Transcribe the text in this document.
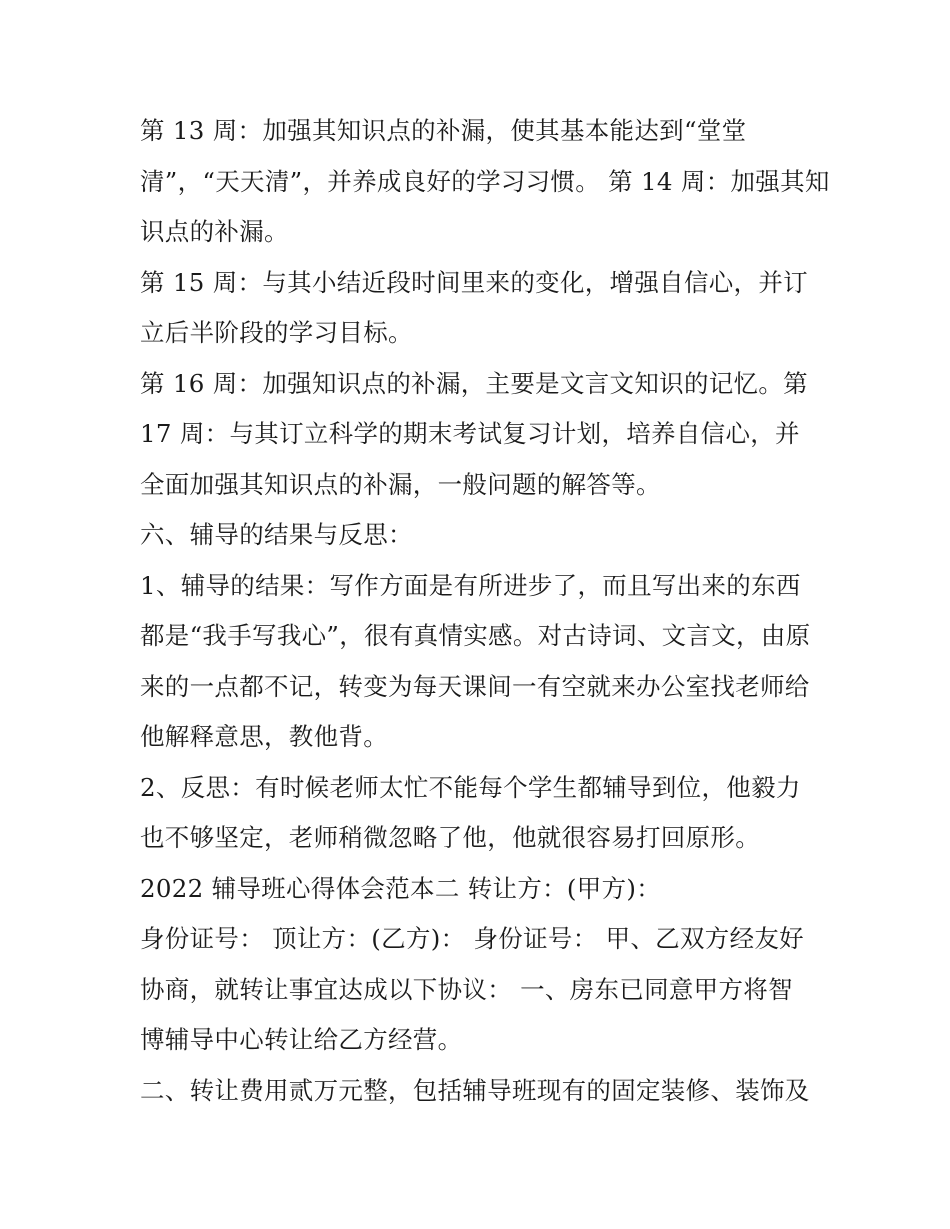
第 13 周：加强其知识点的补漏，使其基本能达到“堂堂
清”，“天天清”，并养成良好的学习习惯。 第 14 周：加强其知
识点的补漏。
第 15 周：与其小结近段时间里来的变化，增强自信心，并订
立后半阶段的学习目标。
第 16 周：加强知识点的补漏，主要是文言文知识的记忆。第
17 周：与其订立科学的期末考试复习计划，培养自信心，并
全面加强其知识点的补漏，一般问题的解答等。
六、辅导的结果与反思：
1、辅导的结果：写作方面是有所进步了，而且写出来的东西
都是“我手写我心”，很有真情实感。对古诗词、文言文，由原
来的一点都不记，转变为每天课间一有空就来办公室找老师给
他解释意思，教他背。
2、反思：有时候老师太忙不能每个学生都辅导到位，他毅力
也不够坚定，老师稍微忽略了他，他就很容易打回原形。
2022 辅导班心得体会范本二 转让方：(甲方)：
身份证号： 顶让方：(乙方)： 身份证号： 甲、乙双方经友好
协商，就转让事宜达成以下协议： 一、房东已同意甲方将智
博辅导中心转让给乙方经营。
二、转让费用贰万元整，包括辅导班现有的固定装修、装饰及
